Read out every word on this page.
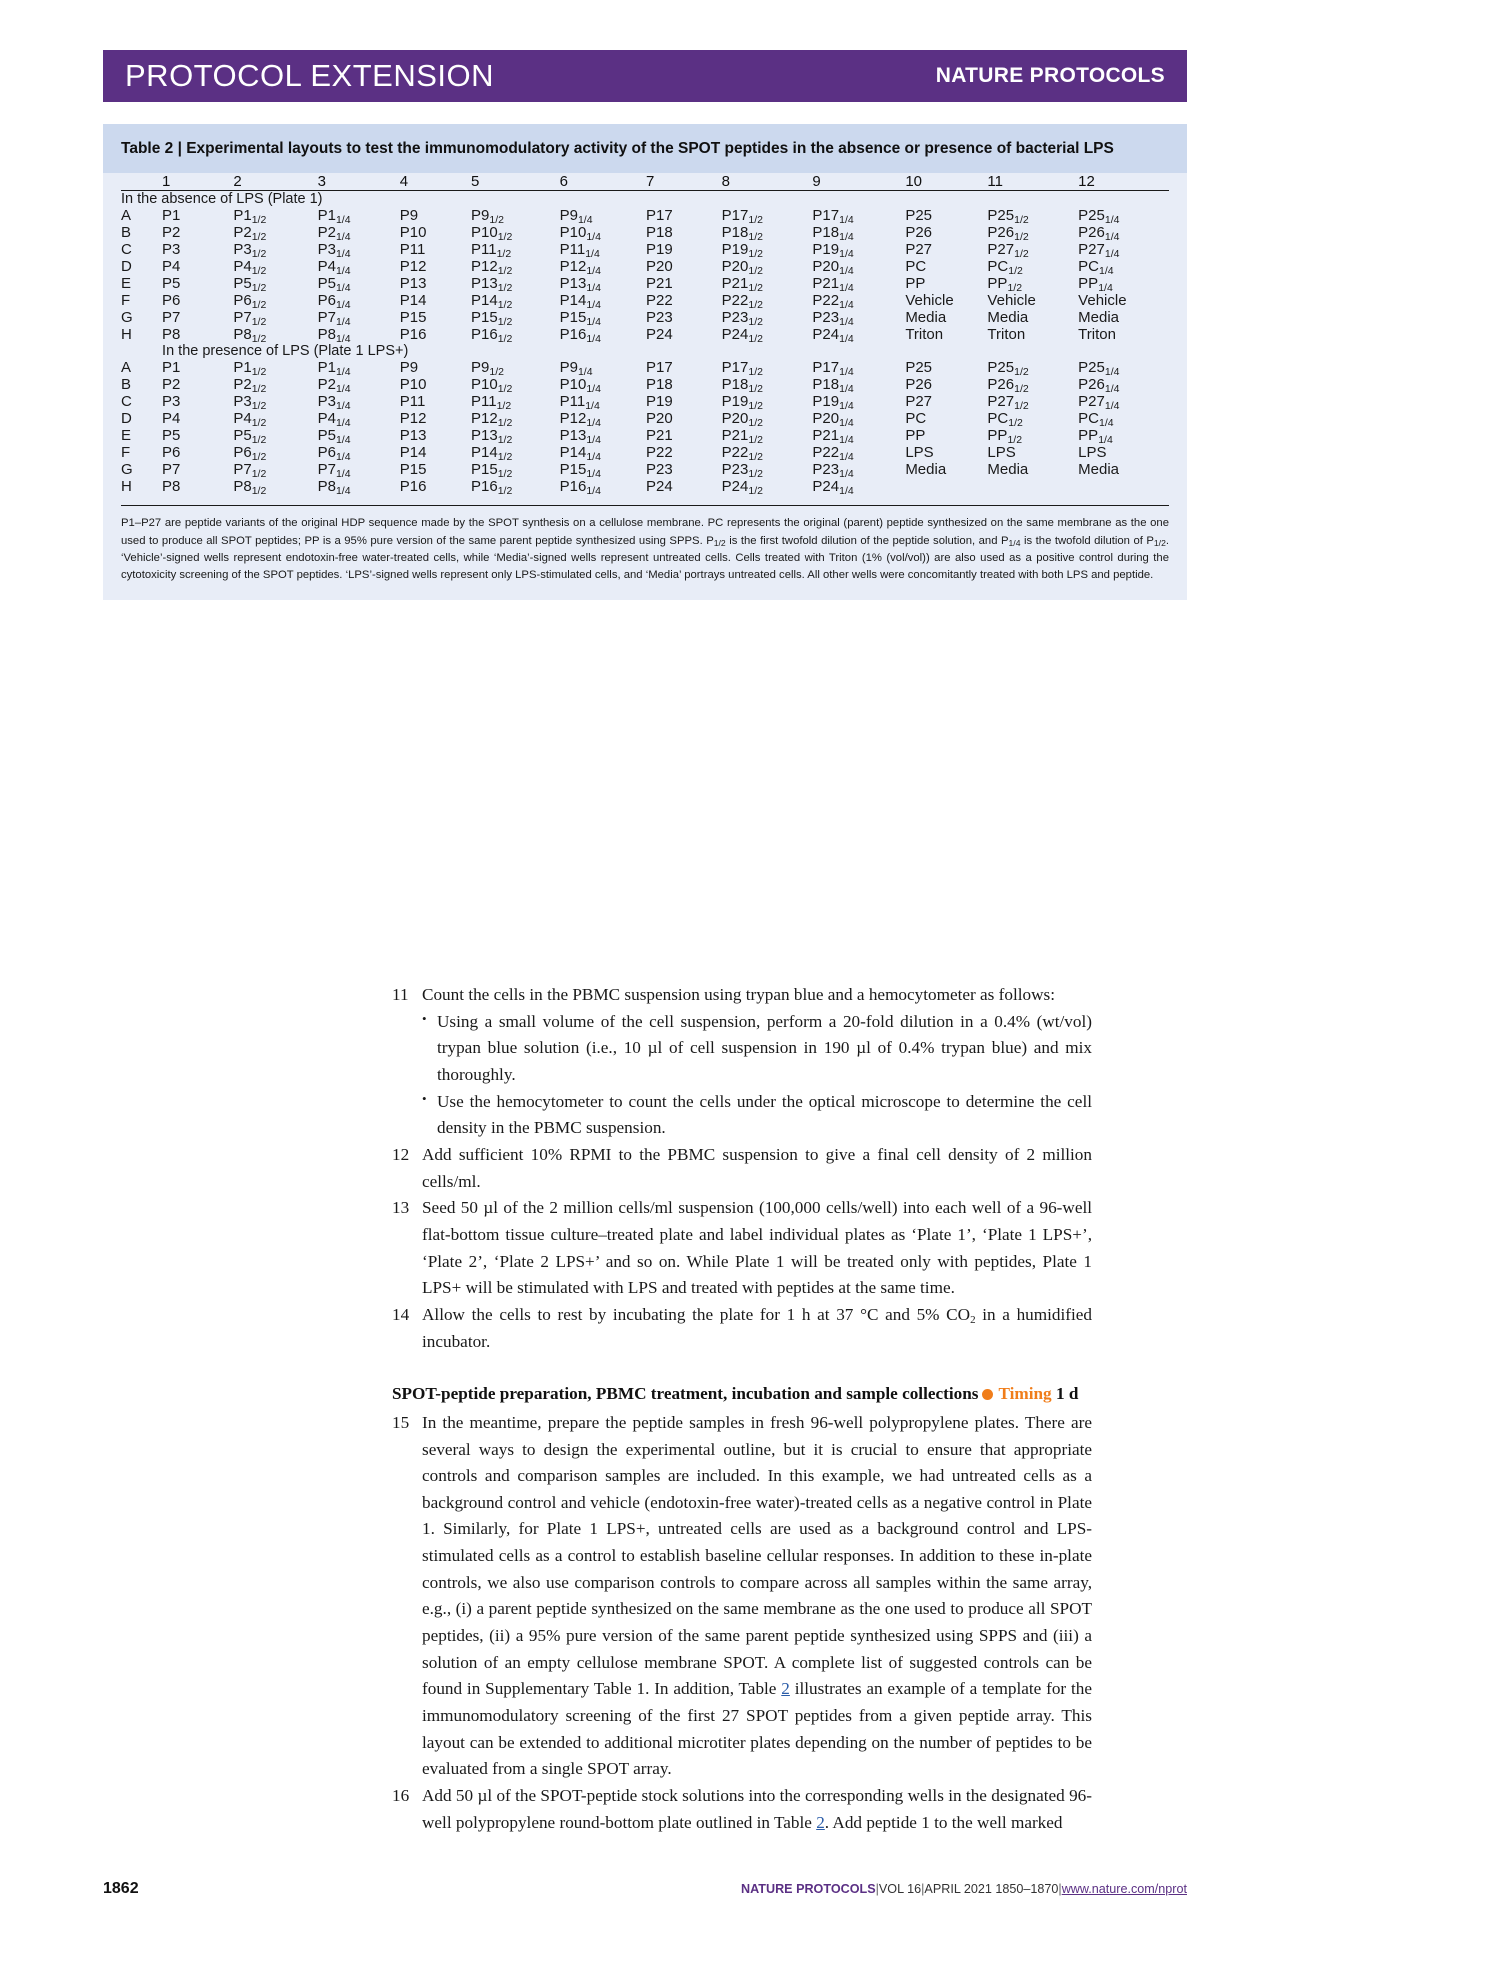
PROTOCOL EXTENSION	NATURE PROTOCOLS
Table 2 | Experimental layouts to test the immunomodulatory activity of the SPOT peptides in the absence or presence of bacterial LPS
	1	2	3	4	5	6	7	8	9	10	11	12

In the absence of LPS (Plate 1)												
A	P1	$P1_{1/2}$	$P1_{1/4}$	P9	$P9_{1/2}$	$P9_{1/4}$	P17	$P17_{1/2}$	$P17_{1/4}$	P25	$P25_{1/2}$	$P25_{1/4}$
B	P2	$P2_{1/2}$	$P2_{1/4}$	P10	$P10_{1/2}$	$P10_{1/4}$	P18	$P18_{1/2}$	$P18_{1/4}$	P26	$P26_{1/2}$	$P26_{1/4}$
C	P3	$P3_{1/2}$	$P3_{1/4}$	P11	$P11_{1/2}$	$P11_{1/4}$	P19	$P19_{1/2}$	$P19_{1/4}$	P27	$P27_{1/2}$	$P27_{1/4}$
D	P4	$P4_{1/2}$	$P4_{1/4}$	P12	$P12_{1/2}$	$P12_{1/4}$	P20	$P20_{1/2}$	$P20_{1/4}$	PC	$PC_{1/2}$	$PC_{1/4}$
E	P5	$P5_{1/2}$	$P5_{1/4}$	P13	$P13_{1/2}$	$P13_{1/4}$	P21	$P21_{1/2}$	$P21_{1/4}$	PP	$PP_{1/2}$	$PP_{1/4}$
F	P6	$P6_{1/2}$	$P6_{1/4}$	P14	$P14_{1/2}$	$P14_{1/4}$	P22	$P22_{1/2}$	$P22_{1/4}$	Vehicle	Vehicle	Vehicle
G	P7	$P7_{1/2}$	$P7_{1/4}$	P15	$P15_{1/2}$	$P15_{1/4}$	P23	$P23_{1/2}$	$P23_{1/4}$	Media	Media	Media
H	P8	$P8_{1/2}$	$P8_{1/4}$	P16	$P16_{1/2}$	$P16_{1/4}$	P24	$P24_{1/2}$	$P24_{1/4}$	Triton	Triton	Triton
	In the presence of LPS (Plate 1 LPS+)											
A	P1	$P1_{1/2}$	$P1_{1/4}$	P9	$P9_{1/2}$	$P9_{1/4}$	P17	$P17_{1/2}$	$P17_{1/4}$	P25	$P25_{1/2}$	$P25_{1/4}$
B	P2	$P2_{1/2}$	$P2_{1/4}$	P10	$P10_{1/2}$	$P10_{1/4}$	P18	$P18_{1/2}$	$P18_{1/4}$	P26	$P26_{1/2}$	$P26_{1/4}$
C	P3	$P3_{1/2}$	$P3_{1/4}$	P11	$P11_{1/2}$	$P11_{1/4}$	P19	$P19_{1/2}$	$P19_{1/4}$	P27	$P27_{1/2}$	$P27_{1/4}$
D	P4	$P4_{1/2}$	$P4_{1/4}$	P12	$P12_{1/2}$	$P12_{1/4}$	P20	$P20_{1/2}$	$P20_{1/4}$	PC	$PC_{1/2}$	$PC_{1/4}$
E	P5	$P5_{1/2}$	$P5_{1/4}$	P13	$P13_{1/2}$	$P13_{1/4}$	P21	$P21_{1/2}$	$P21_{1/4}$	PP	$PP_{1/2}$	$PP_{1/4}$
F	P6	$P6_{1/2}$	$P6_{1/4}$	P14	$P14_{1/2}$	$P14_{1/4}$	P22	$P22_{1/2}$	$P22_{1/4}$	LPS	LPS	LPS
G	P7	$P7_{1/2}$	$P7_{1/4}$	P15	$P15_{1/2}$	$P15_{1/4}$	P23	$P23_{1/2}$	$P23_{1/4}$	Media	Media	Media
H	P8	$P8_{1/2}$	$P8_{1/4}$	P16	$P16_{1/2}$	$P16_{1/4}$	P24	$P24_{1/2}$	$P24_{1/4}$			
P1–P27 are peptide variants of the original HDP sequence made by the SPOT synthesis on a cellulose membrane. PC represents the original (parent) peptide synthesized on the same membrane as the one used to produce all SPOT peptides; PP is a 95% pure version of the same parent peptide synthesized using SPPS. $P_{1/2}$ is the first twofold dilution of the peptide solution, and $P_{1/4}$ is the twofold dilution of $P_{1/2}$. ‘Vehicle’-signed wells represent endotoxin-free water-treated cells, while ‘Media’-signed wells represent untreated cells. Cells treated with Triton (1% (vol/vol)) are also used as a positive control during the cytotoxicity screening of the SPOT peptides. ‘LPS’-signed wells represent only LPS-stimulated cells, and ‘Media’ portrays untreated cells. All other wells were concomitantly treated with both LPS and peptide.
11 Count the cells in the PBMC suspension using trypan blue and a hemocytometer as follows:
• Using a small volume of the cell suspension, perform a 20-fold dilution in a 0.4% (wt/vol) trypan blue solution (i.e., 10 µl of cell suspension in 190 µl of 0.4% trypan blue) and mix thoroughly.
• Use the hemocytometer to count the cells under the optical microscope to determine the cell density in the PBMC suspension.
12 Add sufficient 10% RPMI to the PBMC suspension to give a final cell density of 2 million cells/ml.
13 Seed 50 µl of the 2 million cells/ml suspension (100,000 cells/well) into each well of a 96-well flat-bottom tissue culture–treated plate and label individual plates as ‘Plate 1’, ‘Plate 1 LPS+’, ‘Plate 2’, ‘Plate 2 LPS+’ and so on. While Plate 1 will be treated only with peptides, Plate 1 LPS+ will be stimulated with LPS and treated with peptides at the same time.
14 Allow the cells to rest by incubating the plate for 1 h at 37 °C and 5% $CO_2$ in a humidified incubator.
SPOT-peptide preparation, PBMC treatment, incubation and sample collections Timing 1 d
15 In the meantime, prepare the peptide samples in fresh 96-well polypropylene plates. There are several ways to design the experimental outline, but it is crucial to ensure that appropriate controls and comparison samples are included. In this example, we had untreated cells as a background control and vehicle (endotoxin-free water)-treated cells as a negative control in Plate 1. Similarly, for Plate 1 LPS+, untreated cells are used as a background control and LPS-stimulated cells as a control to establish baseline cellular responses. In addition to these in-plate controls, we also use comparison controls to compare across all samples within the same array, e.g., (i) a parent peptide synthesized on the same membrane as the one used to produce all SPOT peptides, (ii) a 95% pure version of the same parent peptide synthesized using SPPS and (iii) a solution of an empty cellulose membrane SPOT. A complete list of suggested controls can be found in Supplementary Table 1. In addition, Table 2 illustrates an example of a template for the immunomodulatory screening of the first 27 SPOT peptides from a given peptide array. This layout can be extended to additional microtiter plates depending on the number of peptides to be evaluated from a single SPOT array.
16 Add 50 µl of the SPOT-peptide stock solutions into the corresponding wells in the designated 96-well polypropylene round-bottom plate outlined in Table 2. Add peptide 1 to the well marked
1862	NATURE PROTOCOLS|VOL 16|APRIL 2021 1850–1870|www.nature.com/nprot
